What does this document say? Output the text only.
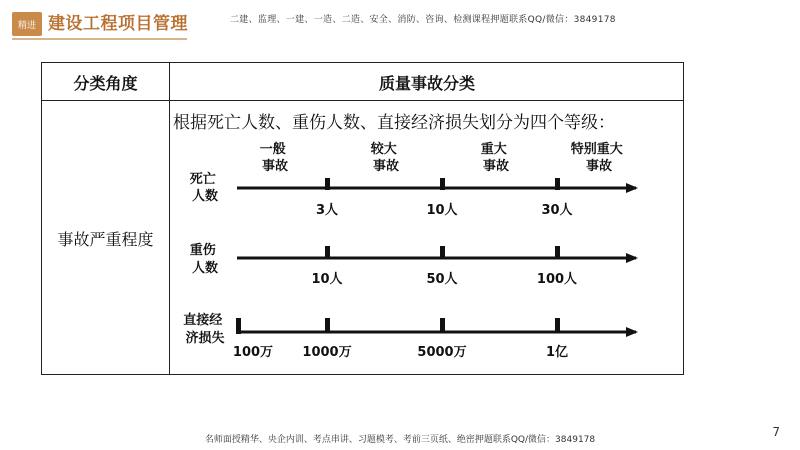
精进 建设工程项目管理	二建、监理、一建、一造、二造、安全、消防、咨询、检测课程押题联系QQ/微信：3849178
分类角度	质量事故分类
事故严重程度
根据死亡人数、重伤人数、直接经济损失划分为四个等级：
一般 事故
较大 事故
重大 事故
特别重大 事故
死亡 人数
3人	10人	30人
重伤 人数
10人	50人	100人
直接经 济损失
100万 1000万	5000万	1亿
名师面授精华、央企内训、考点串讲、习题模考、考前三页纸、绝密押题联系QQ/微信：3849178
7
